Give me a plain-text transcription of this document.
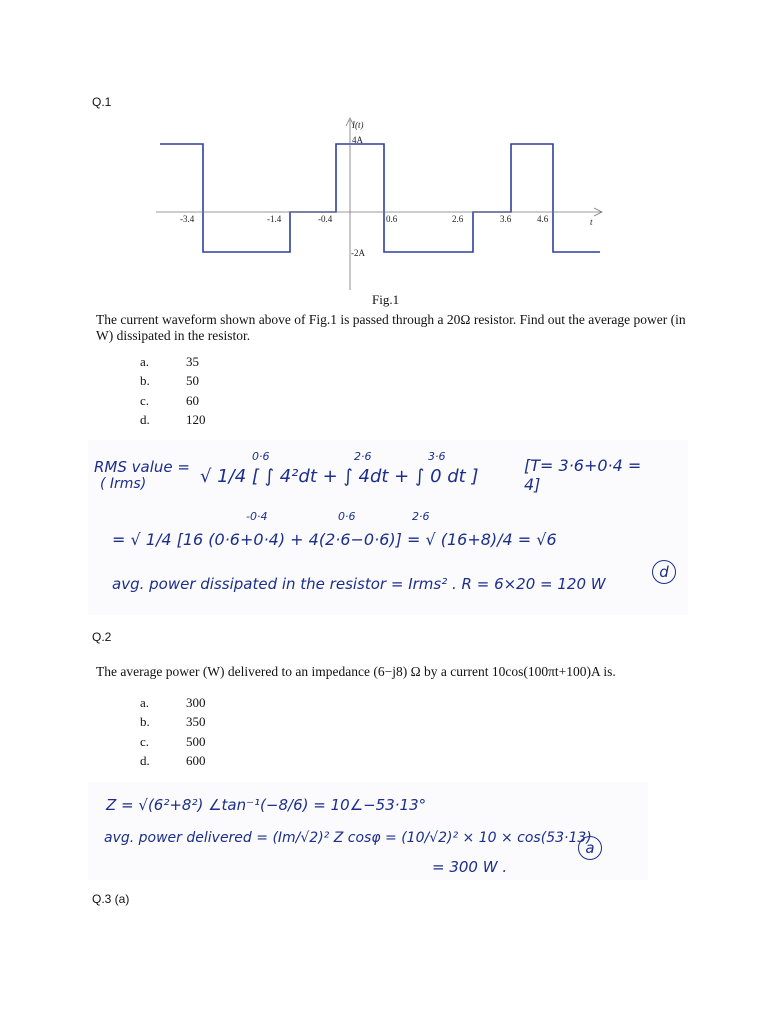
Q.1
I(t)
4A
-2A
t
-3.4	-1.4	-0.4	0.6	2.6	3.6	4.6
Fig.1
The current waveform shown above of Fig.1 is passed through a 20Ω resistor. Find out the average power (in W) dissipated in the resistor.
a.	35
b.	50
c.	60
d.	120
RMS value =
( Irms)	√ 1/4 [ ∫ 4²dt + ∫ 4dt + ∫ 0 dt ]
0·6
-0·4
2·6
0·6
3·6
2·6
[T= 3·6+0·4 = 4]
= √ 1/4 [16 (0·6+0·4) + 4(2·6−0·6)] = √ (16+8)/4 = √6
avg. power dissipated in the resistor = Irms² . R = 6×20 = 120 W
d
Q.2
The average power (W) delivered to an impedance (6−j8) Ω by a current 10cos(100πt+100)A is.
a.	300
b.	350
c.	500
d.	600
Z = √(6²+8²) ∠tan⁻¹(−8/6) = 10∠−53·13°
avg. power delivered = (Im/√2)² Z cosφ = (10/√2)² × 10 × cos(53·13)
= 300 W .
a
Q.3 (a)
